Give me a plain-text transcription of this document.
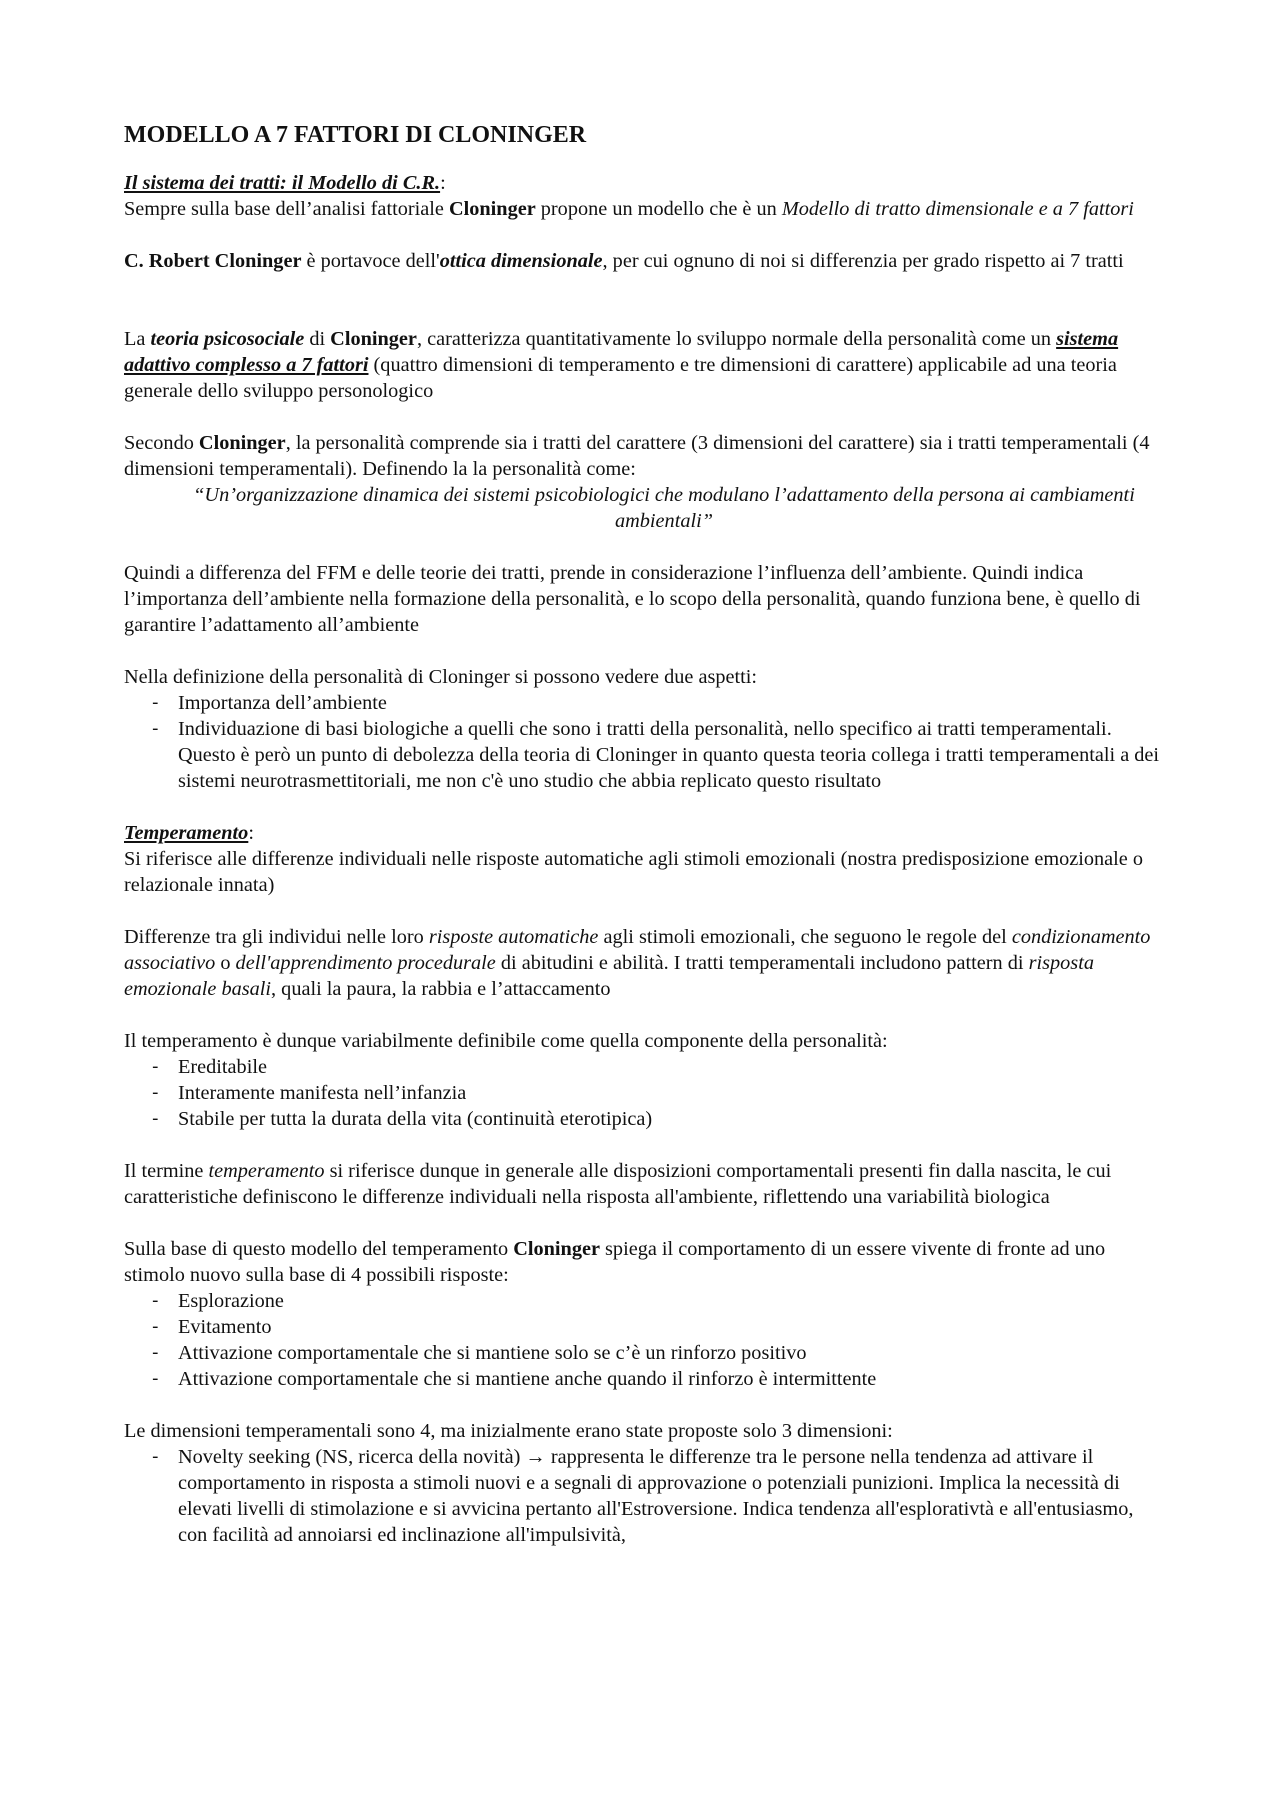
MODELLO A 7 FATTORI DI CLONINGER

Il sistema dei tratti: il Modello di C.R.:

Sempre sulla base dell’analisi fattoriale Cloninger propone un modello che è un Modello di tratto dimensionale e a 7 fattori

C. Robert Cloninger è portavoce dell'ottica dimensionale, per cui ognuno di noi si differenzia per grado rispetto ai 7 tratti

La teoria psicosociale di Cloninger, caratterizza quantitativamente lo sviluppo normale della personalità come un sistema adattivo complesso a 7 fattori (quattro dimensioni di temperamento e tre dimensioni di carattere) applicabile ad una teoria generale dello sviluppo personologico

Secondo Cloninger, la personalità comprende sia i tratti del carattere (3 dimensioni del carattere) sia i tratti temperamentali (4 dimensioni temperamentali). Definendo la la personalità come:

“Un’organizzazione dinamica dei sistemi psicobiologici che modulano l’adattamento della persona ai cambiamenti ambientali”

Quindi a differenza del FFM e delle teorie dei tratti, prende in considerazione l’influenza dell’ambiente. Quindi indica l’importanza dell’ambiente nella formazione della personalità, e lo scopo della personalità, quando funziona bene, è quello di garantire l’adattamento all’ambiente

Nella definizione della personalità di Cloninger si possono vedere due aspetti:

- Importanza dell’ambiente
- Individuazione di basi biologiche a quelli che sono i tratti della personalità, nello specifico ai tratti temperamentali. Questo è però un punto di debolezza della teoria di Cloninger in quanto questa teoria collega i tratti temperamentali a dei sistemi neurotrasmettitoriali, me non c'è uno studio che abbia replicato questo risultato

Temperamento:

Si riferisce alle differenze individuali nelle risposte automatiche agli stimoli emozionali (nostra predisposizione emozionale o relazionale innata)

Differenze tra gli individui nelle loro risposte automatiche agli stimoli emozionali, che seguono le regole del condizionamento associativo o dell'apprendimento procedurale di abitudini e abilità. I tratti temperamentali includono pattern di risposta emozionale basali, quali la paura, la rabbia e l’attaccamento

Il temperamento è dunque variabilmente definibile come quella componente della personalità:

- Ereditabile
- Interamente manifesta nell’infanzia
- Stabile per tutta la durata della vita (continuità eterotipica)

Il termine temperamento si riferisce dunque in generale alle disposizioni comportamentali presenti fin dalla nascita, le cui caratteristiche definiscono le differenze individuali nella risposta all'ambiente, riflettendo una variabilità biologica

Sulla base di questo modello del temperamento Cloninger spiega il comportamento di un essere vivente di fronte ad uno stimolo nuovo sulla base di 4 possibili risposte:

- Esplorazione
- Evitamento
- Attivazione comportamentale che si mantiene solo se c’è un rinforzo positivo
- Attivazione comportamentale che si mantiene anche quando il rinforzo è intermittente

Le dimensioni temperamentali sono 4, ma inizialmente erano state proposte solo 3 dimensioni:

- Novelty seeking (NS, ricerca della novità) → rappresenta le differenze tra le persone nella tendenza ad attivare il comportamento in risposta a stimoli nuovi e a segnali di approvazione o potenziali punizioni. Implica la necessità di elevati livelli di stimolazione e si avvicina pertanto all'Estroversione. Indica tendenza all'esplorativtà e all'entusiasmo, con facilità ad annoiarsi ed inclinazione all'impulsività,
